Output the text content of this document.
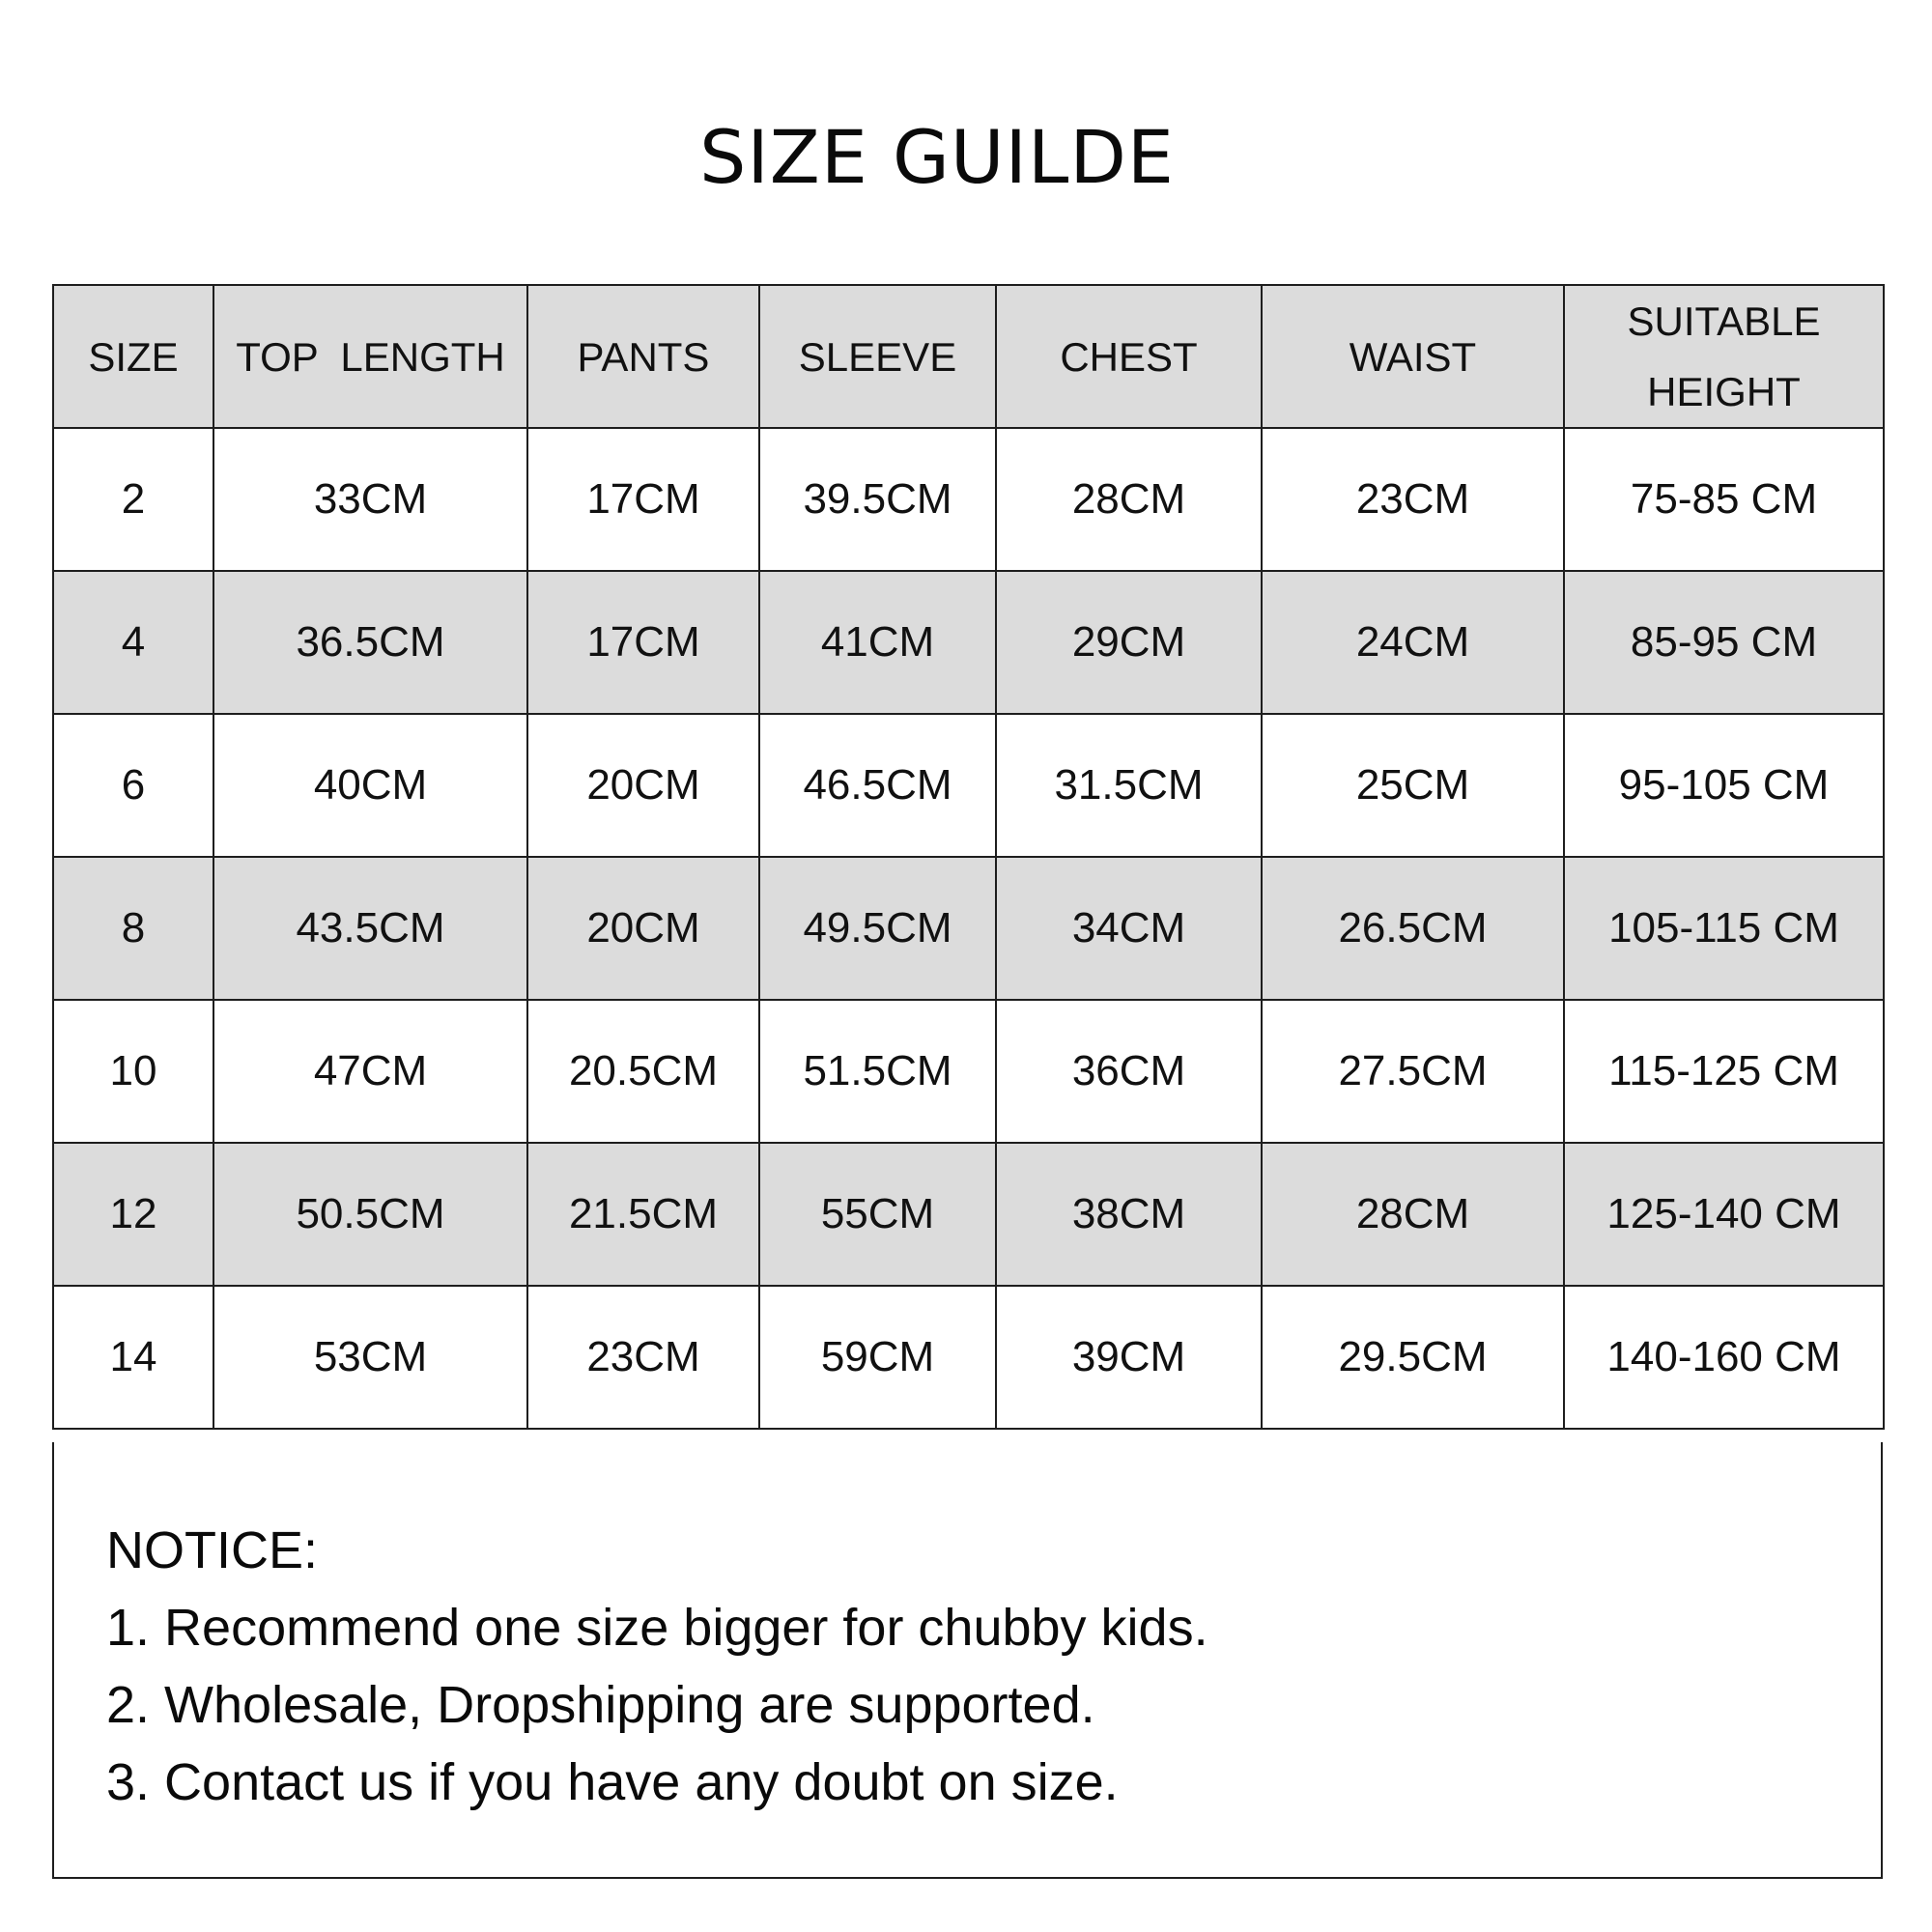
SIZE GUILDE
SIZE	TOP  LENGTH	PANTS	SLEEVE	CHEST	WAIST	SUITABLE
HEIGHT

2	33CM	17CM	39.5CM	28CM	23CM	75-85 CM
4	36.5CM	17CM	41CM	29CM	24CM	85-95 CM
6	40CM	20CM	46.5CM	31.5CM	25CM	95-105 CM
8	43.5CM	20CM	49.5CM	34CM	26.5CM	105-115 CM
10	47CM	20.5CM	51.5CM	36CM	27.5CM	115-125 CM
12	50.5CM	21.5CM	55CM	38CM	28CM	125-140 CM
14	53CM	23CM	59CM	39CM	29.5CM	140-160 CM
NOTICE:
1. Recommend one size bigger for chubby kids.
2. Wholesale, Dropshipping are supported.
3. Contact us if you have any doubt on size.
